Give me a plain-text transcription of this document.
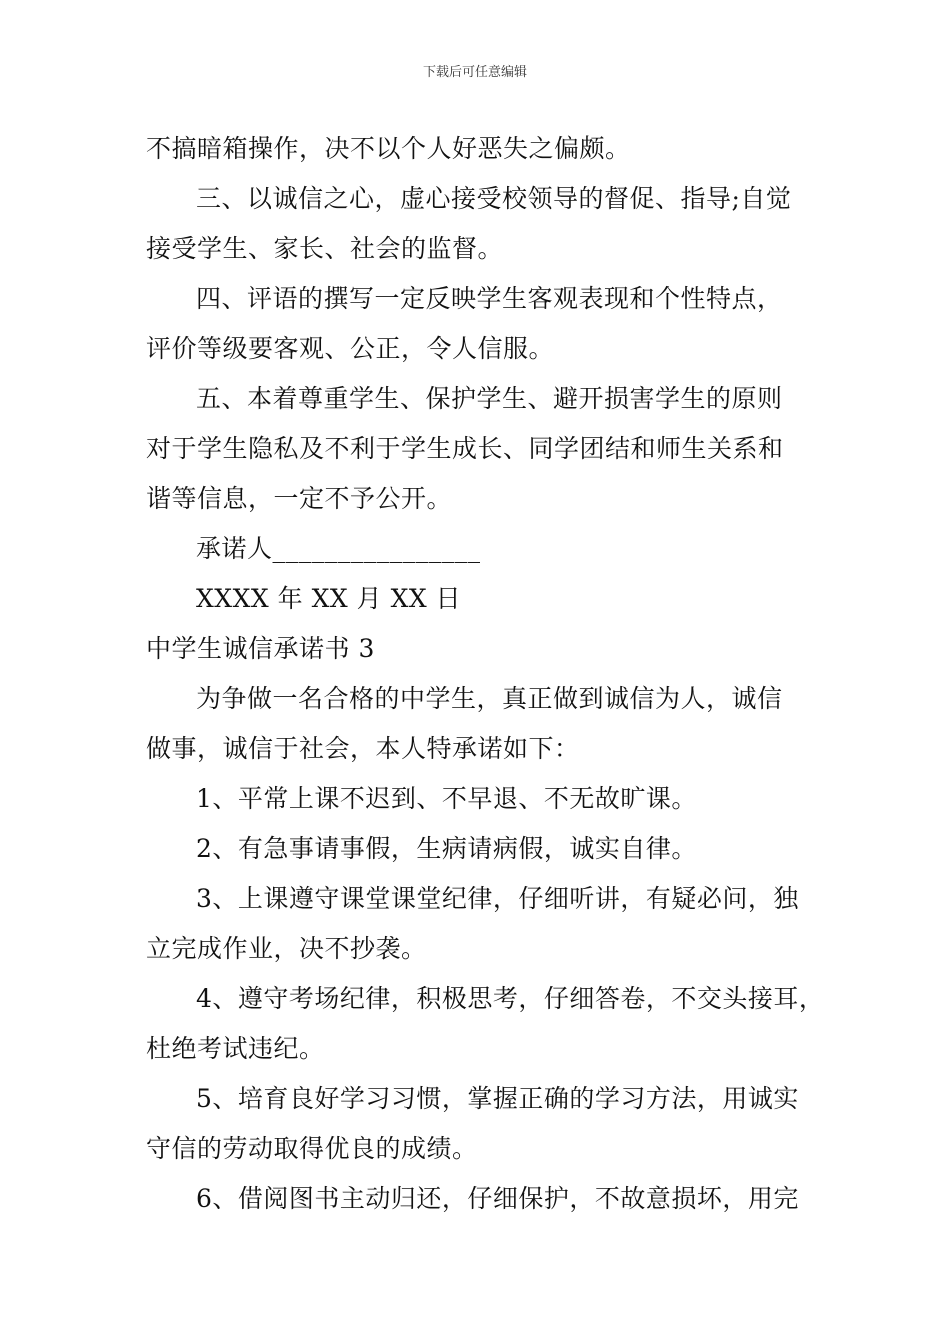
下载后可任意编辑
不搞暗箱操作，决不以个人好恶失之偏颇。
三、以诚信之心，虚心接受校领导的督促、指导;自觉
接受学生、家长、社会的监督。
四、评语的撰写一定反映学生客观表现和个性特点，
评价等级要客观、公正，令人信服。
五、本着尊重学生、保护学生、避开损害学生的原则
对于学生隐私及不利于学生成长、同学团结和师生关系和
谐等信息，一定不予公开。
承诺人________________
XXXX 年 XX 月 XX 日
中学生诚信承诺书 3
为争做一名合格的中学生，真正做到诚信为人，诚信
做事，诚信于社会，本人特承诺如下：
1、平常上课不迟到、不早退、不无故旷课。
2、有急事请事假，生病请病假，诚实自律。
3、上课遵守课堂课堂纪律，仔细听讲，有疑必问，独
立完成作业，决不抄袭。
4、遵守考场纪律，积极思考，仔细答卷，不交头接耳，
杜绝考试违纪。
5、培育良好学习习惯，掌握正确的学习方法，用诚实
守信的劳动取得优良的成绩。
6、借阅图书主动归还，仔细保护，不故意损坏，用完
